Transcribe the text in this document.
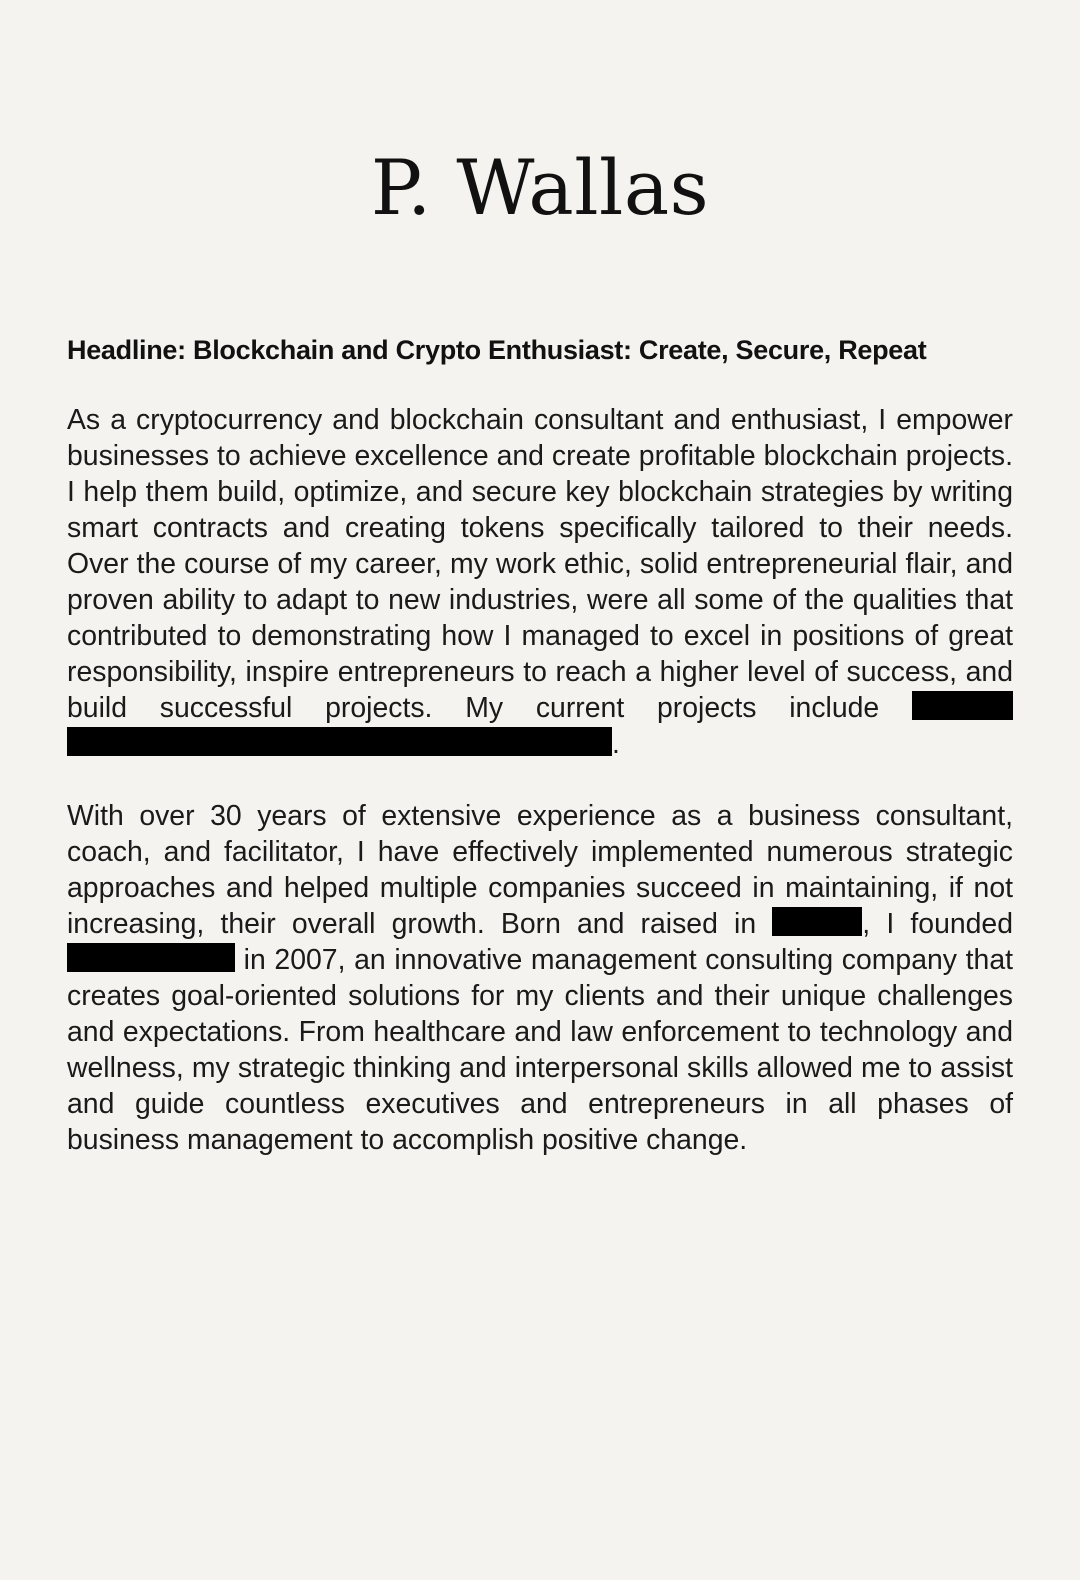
P. Wallas

Headline: Blockchain and Crypto Enthusiast: Create, Secure, Repeat

As a cryptocurrency and blockchain consultant and enthusiast, I empower businesses to achieve excellence and create profitable blockchain projects. I help them build, optimize, and secure key blockchain strategies by writing smart contracts and creating tokens specifically tailored to their needs. Over the course of my career, my work ethic, solid entrepreneurial flair, and proven ability to adapt to new industries, were all some of the qualities that contributed to demonstrating how I managed to excel in positions of great responsibility, inspire entrepreneurs to reach a higher level of success, and build successful projects. My current projects include  .

With over 30 years of extensive experience as a business consultant, coach, and facilitator, I have effectively implemented numerous strategic approaches and helped multiple companies succeed in maintaining, if not increasing, their overall growth. Born and raised in	, I founded  in 2007, an innovative management consulting company that creates goal-oriented solutions for my clients and their unique challenges and expectations. From healthcare and law enforcement to technology and wellness, my strategic thinking and interpersonal skills allowed me to assist and guide countless executives and entrepreneurs in all phases of business management to accomplish positive change.
